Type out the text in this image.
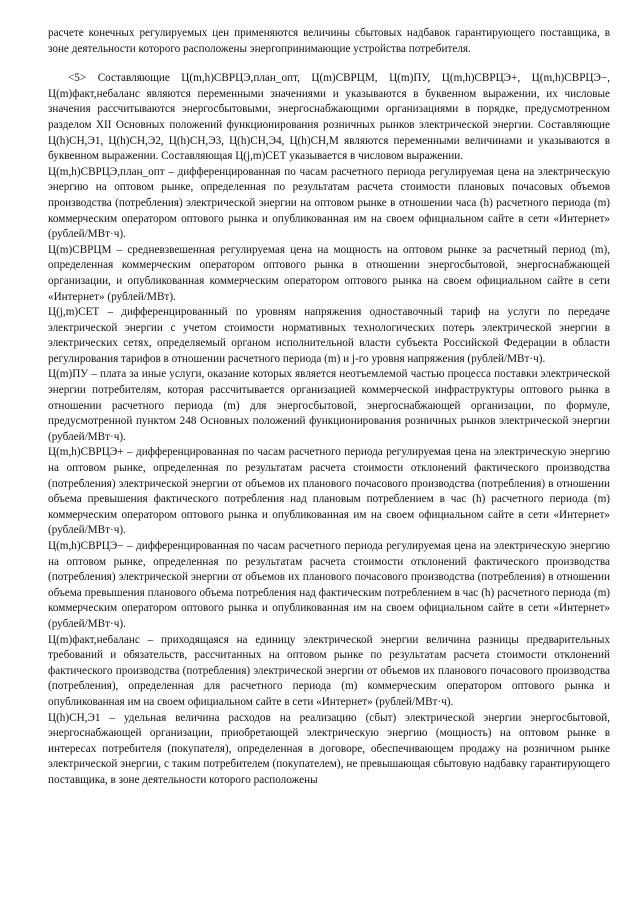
расчете конечных регулируемых цен применяются величины сбытовых надбавок гарантирующего поставщика, в зоне деятельности которого расположены энергопринимающие устройства потребителя.

<5> Составляющие Ц(m,h)СВРЦЭ,план_опт, Ц(m)СВРЦМ, Ц(m)ПУ, Ц(m,h)СВРЦЭ+, Ц(m,h)СВРЦЭ−, Ц(m)факт,небаланс являются переменными значениями и указываются в буквенном выражении, их числовые значения рассчитываются энергосбытовыми, энергоснабжающими организациями в порядке, предусмотренном разделом XII Основных положений функционирования розничных рынков электрической энергии. Составляющие Ц(h)СН,Э1, Ц(h)СН,Э2, Ц(h)СН,Э3, Ц(h)СН,Э4, Ц(h)СН,М являются переменными величинами и указываются в буквенном выражении. Составляющая Ц(j,m)СЕТ указывается в числовом выражении.

Ц(m,h)СВРЦЭ,план_опт – дифференцированная по часам расчетного периода регулируемая цена на электрическую энергию на оптовом рынке, определенная по результатам расчета стоимости плановых почасовых объемов производства (потребления) электрической энергии на оптовом рынке в отношении часа (h) расчетного периода (m) коммерческим оператором оптового рынка и опубликованная им на своем официальном сайте в сети «Интернет» (рублей/МВт·ч).

Ц(m)СВРЦМ – средневзвешенная регулируемая цена на мощность на оптовом рынке за расчетный период (m), определенная коммерческим оператором оптового рынка в отношении энергосбытовой, энергоснабжающей организации, и опубликованная коммерческим оператором оптового рынка на своем официальном сайте в сети «Интернет» (рублей/МВт).

Ц(j,m)СЕТ – дифференцированный по уровням напряжения одноставочный тариф на услуги по передаче электрической энергии с учетом стоимости нормативных технологических потерь электрической энергии в электрических сетях, определяемый органом исполнительной власти субъекта Российской Федерации в области регулирования тарифов в отношении расчетного периода (m) и j-го уровня напряжения (рублей/МВт·ч).

Ц(m)ПУ – плата за иные услуги, оказание которых является неотъемлемой частью процесса поставки электрической энергии потребителям, которая рассчитывается организацией коммерческой инфраструктуры оптового рынка в отношении расчетного периода (m) для энергосбытовой, энергоснабжающей организации, по формуле, предусмотренной пунктом 248 Основных положений функционирования розничных рынков электрической энергии (рублей/МВт·ч).

Ц(m,h)СВРЦЭ+ – дифференцированная по часам расчетного периода регулируемая цена на электрическую энергию на оптовом рынке, определенная по результатам расчета стоимости отклонений фактического производства (потребления) электрической энергии от объемов их планового почасового производства (потребления) в отношении объема превышения фактического потребления над плановым потреблением в час (h) расчетного периода (m) коммерческим оператором оптового рынка и опубликованная им на своем официальном сайте в сети «Интернет» (рублей/МВт·ч).

Ц(m,h)СВРЦЭ− – дифференцированная по часам расчетного периода регулируемая цена на электрическую энергию на оптовом рынке, определенная по результатам расчета стоимости отклонений фактического производства (потребления) электрической энергии от объемов их планового почасового производства (потребления) в отношении объема превышения планового объема потребления над фактическим потреблением в час (h) расчетного периода (m) коммерческим оператором оптового рынка и опубликованная им на своем официальном сайте в сети «Интернет» (рублей/МВт·ч).

Ц(m)факт,небаланс – приходящаяся на единицу электрической энергии величина разницы предварительных требований и обязательств, рассчитанных на оптовом рынке по результатам расчета стоимости отклонений фактического производства (потребления) электрической энергии от объемов их планового почасового производства (потребления), определенная для расчетного периода (m) коммерческим оператором оптового рынка и опубликованная им на своем официальном сайте в сети «Интернет» (рублей/МВт·ч).

Ц(h)СН,Э1 – удельная величина расходов на реализацию (сбыт) электрической энергии энергосбытовой, энергоснабжающей организации, приобретающей электрическую энергию (мощность) на оптовом рынке в интересах потребителя (покупателя), определенная в договоре, обеспечивающем продажу на розничном рынке электрической энергии, с таким потребителем (покупателем), не превышающая сбытовую надбавку гарантирующего поставщика, в зоне деятельности которого расположены
